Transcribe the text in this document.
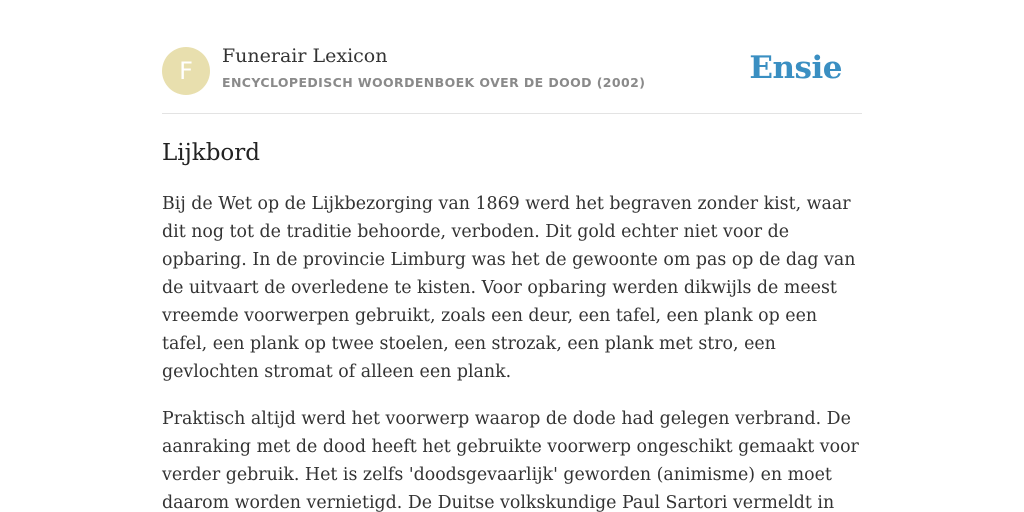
F
Funerair Lexicon
ENCYCLOPEDISCH WOORDENBOEK OVER DE DOOD (2002)	Ensie
Lijkbord

Bij de Wet op de Lijkbezorging van 1869 werd het begraven zonder kist, waar dit nog tot de traditie behoorde, verboden. Dit gold echter niet voor de opbaring. In de provincie Limburg was het de gewoonte om pas op de dag van de uitvaart de overledene te kisten. Voor opbaring werden dikwijls de meest vreemde voorwerpen gebruikt, zoals een deur, een tafel, een plank op een tafel, een plank op twee stoelen, een strozak, een plank met stro, een gevlochten stromat of alleen een plank.

Praktisch altijd werd het voorwerp waarop de dode had gelegen verbrand. De aanraking met de dood heeft het gebruikte voorwerp ongeschikt gemaakt voor verder gebruik. Het is zelfs 'doodsgevaarlijk' geworden (animisme) en moet daarom worden vernietigd. De Duitse volkskundige Paul Sartori vermeldt in
